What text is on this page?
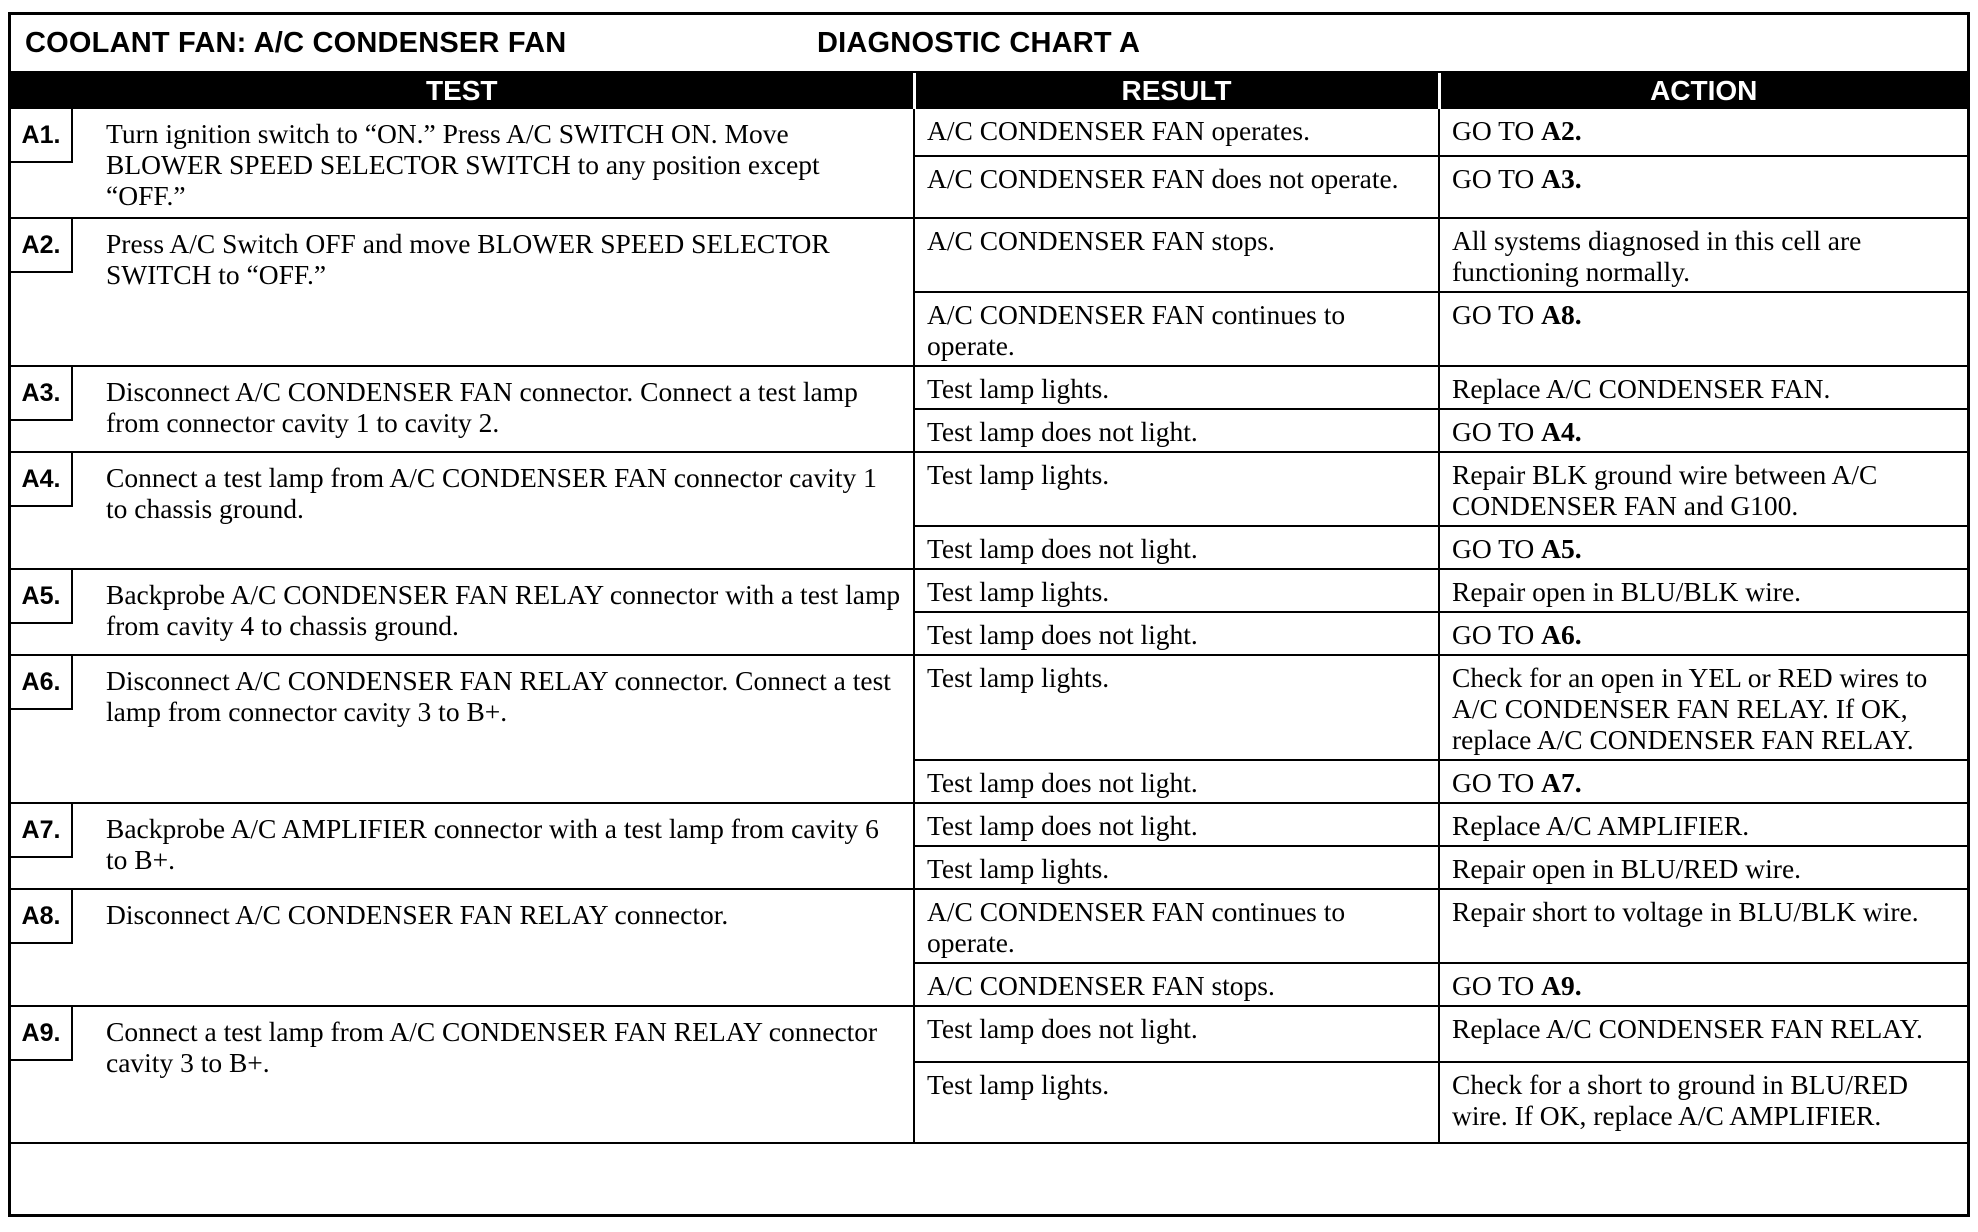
COOLANT FAN: A/C CONDENSER FAN	DIAGNOSTIC CHART A
TEST	RESULT	ACTION

A1. Turn ignition switch to “ON.” Press A/C SWITCH ON. Move BLOWER SPEED SELECTOR SWITCH to any position except “OFF.”	A/C CONDENSER FAN operates.	GO TO A2.
	A/C CONDENSER FAN does not operate.	GO TO A3.

A2. Press A/C Switch OFF and move BLOWER SPEED SELECTOR SWITCH to “OFF.”	A/C CONDENSER FAN stops.	All systems diagnosed in this cell are functioning normally.
	A/C CONDENSER FAN continues to operate.	GO TO A8.

A3. Disconnect A/C CONDENSER FAN connector. Connect a test lamp from connector cavity 1 to cavity 2.	Test lamp lights.	Replace A/C CONDENSER FAN.
	Test lamp does not light.	GO TO A4.

A4. Connect a test lamp from A/C CONDENSER FAN connector cavity 1 to chassis ground.	Test lamp lights.	Repair BLK ground wire between A/C CONDENSER FAN and G100.
	Test lamp does not light.	GO TO A5.

A5. Backprobe A/C CONDENSER FAN RELAY connector with a test lamp from cavity 4 to chassis ground.	Test lamp lights.	Repair open in BLU/BLK wire.
	Test lamp does not light.	GO TO A6.

A6. Disconnect A/C CONDENSER FAN RELAY connector. Connect a test lamp from connector cavity 3 to B+.	Test lamp lights.	Check for an open in YEL or RED wires to A/C CONDENSER FAN RELAY. If OK, replace A/C CONDENSER FAN RELAY.
	Test lamp does not light.	GO TO A7.

A7. Backprobe A/C AMPLIFIER connector with a test lamp from cavity 6 to B+.	Test lamp does not light.	Replace A/C AMPLIFIER.
	Test lamp lights.	Repair open in BLU/RED wire.

A8. Disconnect A/C CONDENSER FAN RELAY connector.	A/C CONDENSER FAN continues to operate.	Repair short to voltage in BLU/BLK wire.
	A/C CONDENSER FAN stops.	GO TO A9.

A9. Connect a test lamp from A/C CONDENSER FAN RELAY connector cavity 3 to B+.	Test lamp does not light.	Replace A/C CONDENSER FAN RELAY.
	Test lamp lights.	Check for a short to ground in BLU/RED wire. If OK, replace A/C AMPLIFIER.
